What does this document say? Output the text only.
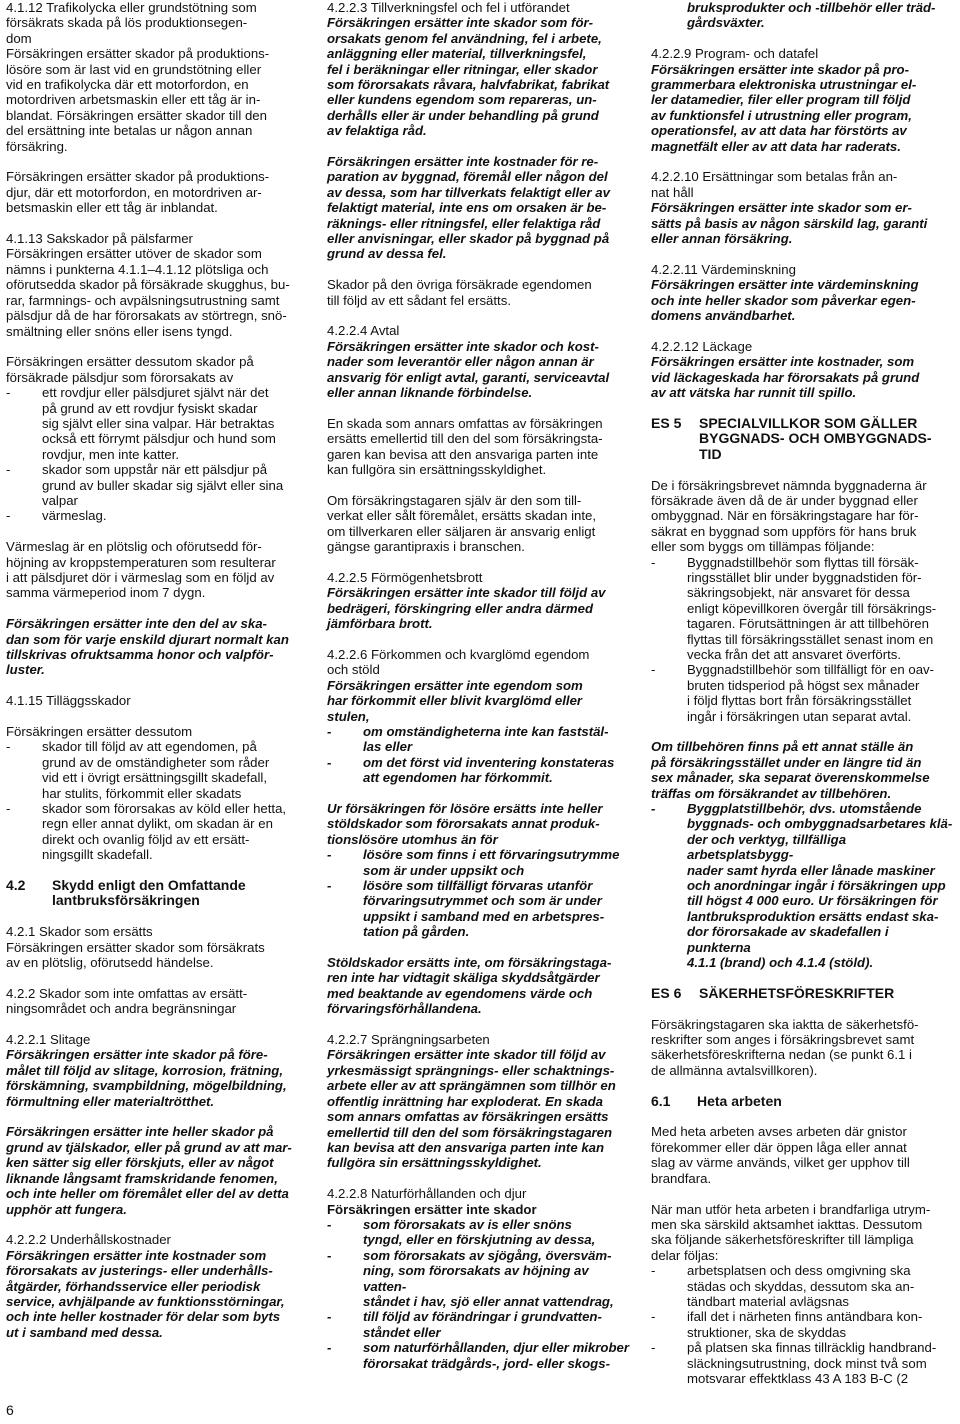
4.1.12 Trafikolycka eller grundstötning som
försäkrats skada på lös produktionsegen-
dom
Försäkringen ersätter skador på produktions-
lösöre som är last vid en grundstötning eller
vid en trafikolycka där ett motorfordon, en
motordriven arbetsmaskin eller ett tåg är in-
blandat. Försäkringen ersätter skador till den
del ersättning inte betalas ur någon annan
försäkring.
Försäkringen ersätter skador på produktions-
djur, där ett motorfordon, en motordriven ar-
betsmaskin eller ett tåg är inblandat.
4.1.13 Sakskador på pälsfarmer
Försäkringen ersätter utöver de skador som
nämns i punkterna 4.1.1–4.1.12 plötsliga och
oförutsedda skador på försäkrade skugghus, bu-
rar, farmnings- och avpälsningsutrustning samt
pälsdjur då de har förorsakats av störtregn, snö-
smältning eller snöns eller isens tyngd.
Försäkringen ersätter dessutom skador på
försäkrade pälsdjur som förorsakats av
- ett rovdjur eller pälsdjuret självt när det
på grund av ett rovdjur fysiskt skadar
sig självt eller sina valpar. Här betraktas
också ett förrymt pälsdjur och hund som
rovdjur, men inte katter.
- skador som uppstår när ett pälsdjur på
grund av buller skadar sig självt eller sina
valpar
- värmeslag.
Värmeslag är en plötslig och oförutsedd för-
höjning av kroppstemperaturen som resulterar
i att pälsdjuret dör i värmeslag som en följd av
samma värmeperiod inom 7 dygn.
Försäkringen ersätter inte den del av ska-
dan som för varje enskild djurart normalt kan
tillskrivas ofruktsamma honor och valpför-
luster.
4.1.15 Tilläggsskador
Försäkringen ersätter dessutom
- skador till följd av att egendomen, på
grund av de omständigheter som råder
vid ett i övrigt ersättningsgillt skadefall,
har stulits, förkommit eller skadats
- skador som förorsakas av köld eller hetta,
regn eller annat dylikt, om skadan är en
direkt och ovanlig följd av ett ersätt-
ningsgillt skadefall.
4.2 Skydd enligt den Omfattande
lantbruksförsäkringen
4.2.1 Skador som ersätts
Försäkringen ersätter skador som försäkrats
av en plötslig, oförutsedd händelse.
4.2.2 Skador som inte omfattas av ersätt-
ningsområdet och andra begränsningar
4.2.2.1 Slitage
Försäkringen ersätter inte skador på före-
målet till följd av slitage, korrosion, frätning,
förskämning, svampbildning, mögelbildning,
förmultning eller materialtrötthet.
Försäkringen ersätter inte heller skador på
grund av tjälskador, eller på grund av att mar-
ken sätter sig eller förskjuts, eller av något
liknande långsamt framskridande fenomen,
och inte heller om föremålet eller del av detta
upphör att fungera.
4.2.2.2 Underhållskostnader
Försäkringen ersätter inte kostnader som
förorsakats av justerings- eller underhålls-
åtgärder, förhandsservice eller periodisk
service, avhjälpande av funktionsstörningar,
och inte heller kostnader för delar som byts
ut i samband med dessa.
4.2.2.3 Tillverkningsfel och fel i utförandet
Försäkringen ersätter inte skador som för-
orsakats genom fel användning, fel i arbete,
anläggning eller material, tillverkningsfel,
fel i beräkningar eller ritningar, eller skador
som förorsakats råvara, halvfabrikat, fabrikat
eller kundens egendom som repareras, un-
derhålls eller är under behandling på grund
av felaktiga råd.
Försäkringen ersätter inte kostnader för re-
paration av byggnad, föremål eller någon del
av dessa, som har tillverkats felaktigt eller av
felaktigt material, inte ens om orsaken är be-
räknings- eller ritningsfel, eller felaktiga råd
eller anvisningar, eller skador på byggnad på
grund av dessa fel.
Skador på den övriga försäkrade egendomen
till följd av ett sådant fel ersätts.
4.2.2.4 Avtal
Försäkringen ersätter inte skador och kost-
nader som leverantör eller någon annan är
ansvarig för enligt avtal, garanti, serviceavtal
eller annan liknande förbindelse.
En skada som annars omfattas av försäkringen
ersätts emellertid till den del som försäkringsta-
garen kan bevisa att den ansvariga parten inte
kan fullgöra sin ersättningsskyldighet.
Om försäkringstagaren själv är den som till-
verkat eller sålt föremålet, ersätts skadan inte,
om tillverkaren eller säljaren är ansvarig enligt
gängse garantipraxis i branschen.
4.2.2.5 Förmögenhetsbrott
Försäkringen ersätter inte skador till följd av
bedrägeri, förskingring eller andra därmed
jämförbara brott.
4.2.2.6 Förkommen och kvarglömd egendom
och stöld
Försäkringen ersätter inte egendom som
har förkommit eller blivit kvarglömd eller
stulen,
- om omständigheterna inte kan faststäl-
las eller
- om det först vid inventering konstateras
att egendomen har förkommit.
Ur försäkringen för lösöre ersätts inte heller
stöldskador som förorsakats annat produk-
tionslösöre utomhus än för
- lösöre som finns i ett förvaringsutrymme
som är under uppsikt och
- lösöre som tillfälligt förvaras utanför
förvaringsutrymmet och som är under
uppsikt i samband med en arbetspres-
tation på gården.
Stöldskador ersätts inte, om försäkringstaga-
ren inte har vidtagit skäliga skyddsåtgärder
med beaktande av egendomens värde och
förvaringsförhållandena.
4.2.2.7 Sprängningsarbeten
Försäkringen ersätter inte skador till följd av
yrkesmässigt sprängnings- eller schaktnings-
arbete eller av att sprängämnen som tillhör en
offentlig inrättning har exploderat. En skada
som annars omfattas av försäkringen ersätts
emellertid till den del som försäkringstagaren
kan bevisa att den ansvariga parten inte kan
fullgöra sin ersättningsskyldighet.
4.2.2.8 Naturförhållanden och djur
Försäkringen ersätter inte skador
- som förorsakats av is eller snöns
tyngd, eller en förskjutning av dessa,
- som förorsakats av sjögång, översväm-
ning, som förorsakats av höjning av vatten-
ståndet i hav, sjö eller annat vattendrag,
- till följd av förändringar i grundvatten-
ståndet eller
- som naturförhållanden, djur eller mikrober
förorsakat trädgårds-, jord- eller skogs-
bruksprodukter och -tillbehör eller träd-
gårdsväxter.
4.2.2.9 Program- och datafel
Försäkringen ersätter inte skador på pro-
grammerbara elektroniska utrustningar el-
ler datamedier, filer eller program till följd
av funktionsfel i utrustning eller program,
operationsfel, av att data har förstörts av
magnetfält eller av att data har raderats.
4.2.2.10 Ersättningar som betalas från an-
nat håll
Försäkringen ersätter inte skador som er-
sätts på basis av någon särskild lag, garanti
eller annan försäkring.
4.2.2.11 Värdeminskning
Försäkringen ersätter inte värdeminskning
och inte heller skador som påverkar egen-
domens användbarhet.
4.2.2.12 Läckage
Försäkringen ersätter inte kostnader, som
vid läckageskada har förorsakats på grund
av att vätska har runnit till spillo.
ES 5 SPECIALVILLKOR SOM GÄLLER
BYGGNADS- OCH OMBYGGNADS-
TID
De i försäkringsbrevet nämnda byggnaderna är
försäkrade även då de är under byggnad eller
ombyggnad. När en försäkringstagare har för-
säkrat en byggnad som uppförs för hans bruk
eller som byggs om tillämpas följande:
- Byggnadstillbehör som flyttas till försäk-
ringsstället blir under byggnadstiden för-
säkringsobjekt, när ansvaret för dessa
enligt köpevillkoren övergår till försäkrings-
tagaren. Förutsättningen är att tillbehören
flyttas till försäkringsstället senast inom en
vecka från det att ansvaret överförts.
- Byggnadstillbehör som tillfälligt för en oav-
bruten tidsperiod på högst sex månader
i följd flyttas bort från försäkringsstället
ingår i försäkringen utan separat avtal.
Om tillbehören finns på ett annat ställe än
på försäkringsstället under en längre tid än
sex månader, ska separat överenskommelse
träffas om försäkrandet av tillbehören.
- Byggplatstillbehör, dvs. utomstående
byggnads- och ombyggnadsarbetares klä-
der och verktyg, tillfälliga arbetsplatsbygg-
nader samt hyrda eller lånade maskiner
och anordningar ingår i försäkringen upp
till högst 4 000 euro. Ur försäkringen för
lantbruksproduktion ersätts endast ska-
dor förorsakade av skadefallen i punkterna
4.1.1 (brand) och 4.1.4 (stöld).
ES 6 SÄKERHETSFÖRESKRIFTER
Försäkringstagaren ska iaktta de säkerhetsfö-
reskrifter som anges i försäkringsbrevet samt
säkerhetsföreskrifterna nedan (se punkt 6.1 i
de allmänna avtalsvillkoren).
6.1 Heta arbeten
Med heta arbeten avses arbeten där gnistor
förekommer eller där öppen låga eller annat
slag av värme används, vilket ger upphov till
brandfara.
När man utför heta arbeten i brandfarliga utrym-
men ska särskild aktsamhet iakttas. Dessutom
ska följande säkerhetsföreskrifter till lämpliga
delar följas:
- arbetsplatsen och dess omgivning ska
städas och skyddas, dessutom ska an-
tändbart material avlägsnas
- ifall det i närheten finns antändbara kon-
struktioner, ska de skyddas
- på platsen ska finnas tillräcklig handbrand-
släckningsutrustning, dock minst två som
motsvarar effektklass 43 A 183 B-C (2
6
